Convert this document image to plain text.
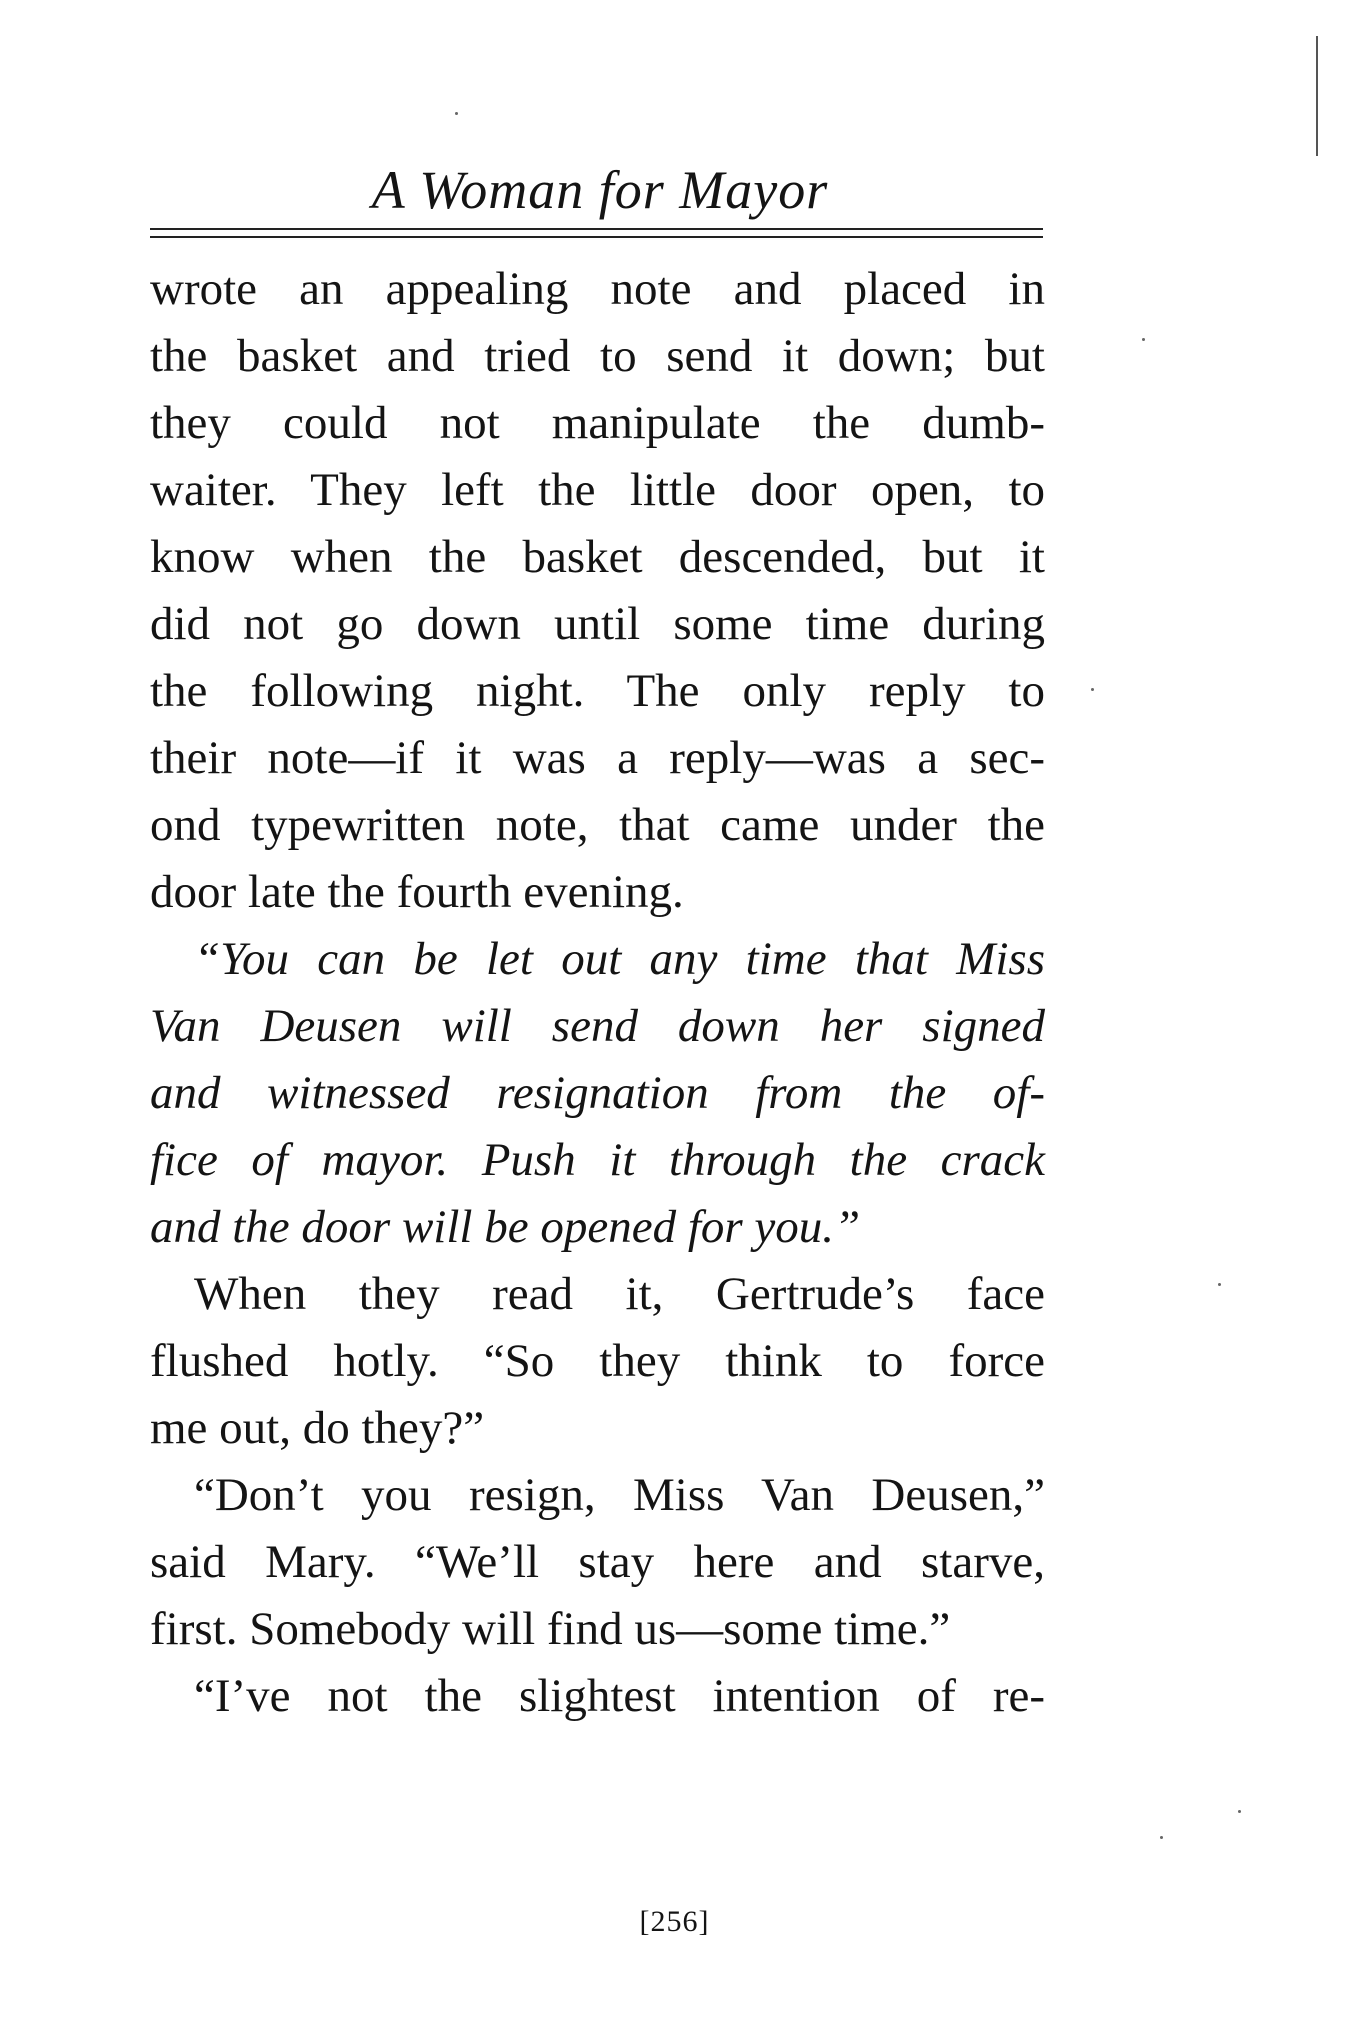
A Woman for Mayor
wrote an appealing note and placed in
the basket and tried to send it down; but
they could not manipulate the dumb-
waiter. They left the little door open, to
know when the basket descended, but it
did not go down until some time during
the following night. The only reply to
their note—if it was a reply—was a sec-
ond typewritten note, that came under the
door late the fourth evening.
“You can be let out any time that Miss
Van Deusen will send down her signed
and witnessed resignation from the of-
fice of mayor. Push it through the crack
and the door will be opened for you.”
When they read it, Gertrude’s face
flushed hotly. “So they think to force
me out, do they?”
“Don’t you resign, Miss Van Deusen,”
said Mary. “We’ll stay here and starve,
first. Somebody will find us—some time.”
“I’ve not the slightest intention of re-
[256]
